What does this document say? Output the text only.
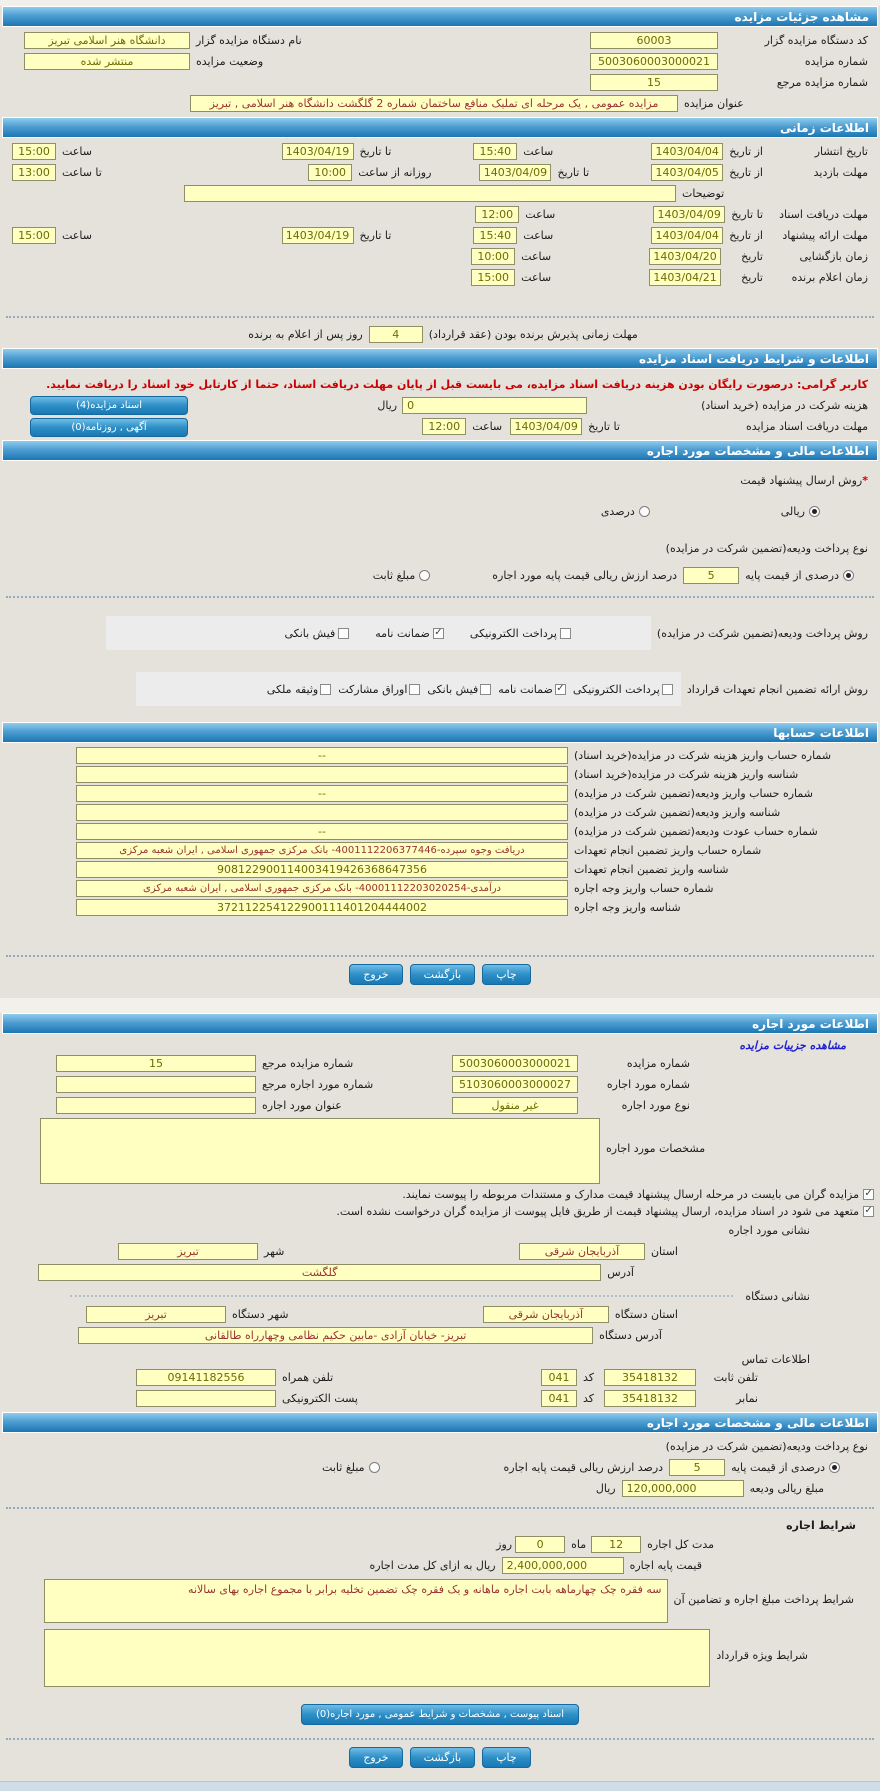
مشاهده جزئیات مزایده
کد دستگاه مزایده گزار
60003
نام دستگاه مزایده گزار
دانشگاه هنر اسلامی تبریز
شماره مزایده
5003060003000021
وضعیت مزایده
منتشر شده
شماره مزایده مرجع
15
عنوان مزایده
مزایده عمومی , یک مرحله ای تملیک منافع ساختمان شماره 2 گلگشت دانشگاه هنر اسلامی , تبریز
اطلاعات زمانی
تاریخ انتشار
از تاریخ
1403/04/04
ساعت
15:40
تا تاریخ
1403/04/19
ساعت
15:00
مهلت بازدید
از تاریخ
1403/04/05
تا تاریخ
1403/04/09
روزانه از ساعت
10:00
تا ساعت
13:00
توضیحات
مهلت دریافت اسناد
تا تاریخ
1403/04/09
ساعت
12:00
مهلت ارائه پیشنهاد
از تاریخ
1403/04/04
ساعت
15:40
تا تاریخ
1403/04/19
ساعت
15:00
زمان بازگشایی
تاریخ
1403/04/20
ساعت
10:00
زمان اعلام برنده
تاریخ
1403/04/21
ساعت
15:00
مهلت زمانی پذیرش برنده بودن (عقد قرارداد)
4
روز پس از اعلام به برنده
اطلاعات و شرایط دریافت اسناد مزایده
کاربر گرامی: درصورت رایگان بودن هزینه دریافت اسناد مزایده، می بایست قبل از پایان مهلت دریافت اسناد، حتما از کارتابل خود اسناد را دریافت نمایید.
هزینه شرکت در مزایده (خرید اسناد)
0
ریال
اسناد مزایده(4)
مهلت دریافت اسناد مزایده
تا تاریخ
1403/04/09
ساعت
12:00
آگهی , روزنامه(0)
اطلاعات مالی و مشخصات مورد اجاره
*
روش ارسال پیشنهاد قیمت
ریالی
درصدی
نوع پرداخت ودیعه(تضمین شرکت در مزایده)
درصدی از قیمت پایه
5
درصد ارزش ریالی قیمت پایه مورد اجاره
مبلغ ثابت
روش پرداخت ودیعه(تضمین شرکت در مزایده)
پرداخت الکترونیکی
✓
ضمانت نامه
فیش بانکی
روش ارائه تضمین انجام تعهدات قرارداد
پرداخت الکترونیکی
✓
ضمانت نامه
فیش بانکی
اوراق مشارکت
وثیقه ملکی
اطلاعات حسابها
شماره حساب واریز هزینه شرکت در مزایده(خرید اسناد)
--
شناسه واریز هزینه شرکت در مزایده(خرید اسناد)
شماره حساب واریز ودیعه(تضمین شرکت در مزایده)
--
شناسه واریز ودیعه(تضمین شرکت در مزایده)
شماره حساب عودت ودیعه(تضمین شرکت در مزایده)
--
شماره حساب واریز تضمین انجام تعهدات
دریافت وجوه سپرده-4001112206377446- بانک مرکزی جمهوری اسلامی , ایران شعبه مرکزی
شناسه واریز تضمین انجام تعهدات
908122900114003419426368647356
شماره حساب واریز وجه اجاره
درآمدی-40001112203020254- بانک مرکزی جمهوری اسلامی , ایران شعبه مرکزی
شناسه واریز وجه اجاره
372112254122900111401204444002
چاپ
بازگشت
خروج
اطلاعات مورد اجاره
مشاهده جزییات مزایده
شماره مزایده
5003060003000021
شماره مزایده مرجع
15
شماره مورد اجاره
5103060003000027
شماره مورد اجاره مرجع
نوع مورد اجاره
غیر منقول
عنوان مورد اجاره
مشخصات مورد اجاره
✓
مزایده گران می بایست در مرحله ارسال پیشنهاد قیمت مدارک و مستندات مربوطه را پیوست نمایند.
✓
متعهد می شود در اسناد مزایده، ارسال پیشنهاد قیمت از طریق فایل پیوست از مزایده گران درخواست نشده است.
نشانی مورد اجاره
استان
آذربایجان شرقی
شهر
تبریز
آدرس
گلگشت
نشانی دستگاه
استان دستگاه
آذربایجان شرقی
شهر دستگاه
تبریز
آدرس دستگاه
تبریز- خیابان آزادی -مابین حکیم نظامی وچهارراه طالقانی
اطلاعات تماس
تلفن ثابت
35418132
کد
041
تلفن همراه
09141182556
نمابر
35418132
کد
041
پست الکترونیکی
اطلاعات مالی و مشخصات مورد اجاره
نوع پرداخت ودیعه(تضمین شرکت در مزایده)
درصدی از قیمت پایه
5
درصد ارزش ریالی قیمت پایه اجاره
مبلغ ثابت
مبلغ ریالی ودیعه
120,000,000
ریال
شرایط اجاره
مدت کل اجاره
12
ماه
0
روز
قیمت پایه اجاره
2,400,000,000
ریال به ازای کل مدت اجاره
شرایط پرداخت مبلغ اجاره و تضامین آن
سه فقره چک چهارماهه بابت اجاره ماهانه و یک فقره چک تضمین تخلیه برابر با مجموع اجاره بهای سالانه
شرایط ویژه قرارداد
اسناد پیوست , مشخصات و شرایط عمومی , مورد اجاره(0)
چاپ
بازگشت
خروج
